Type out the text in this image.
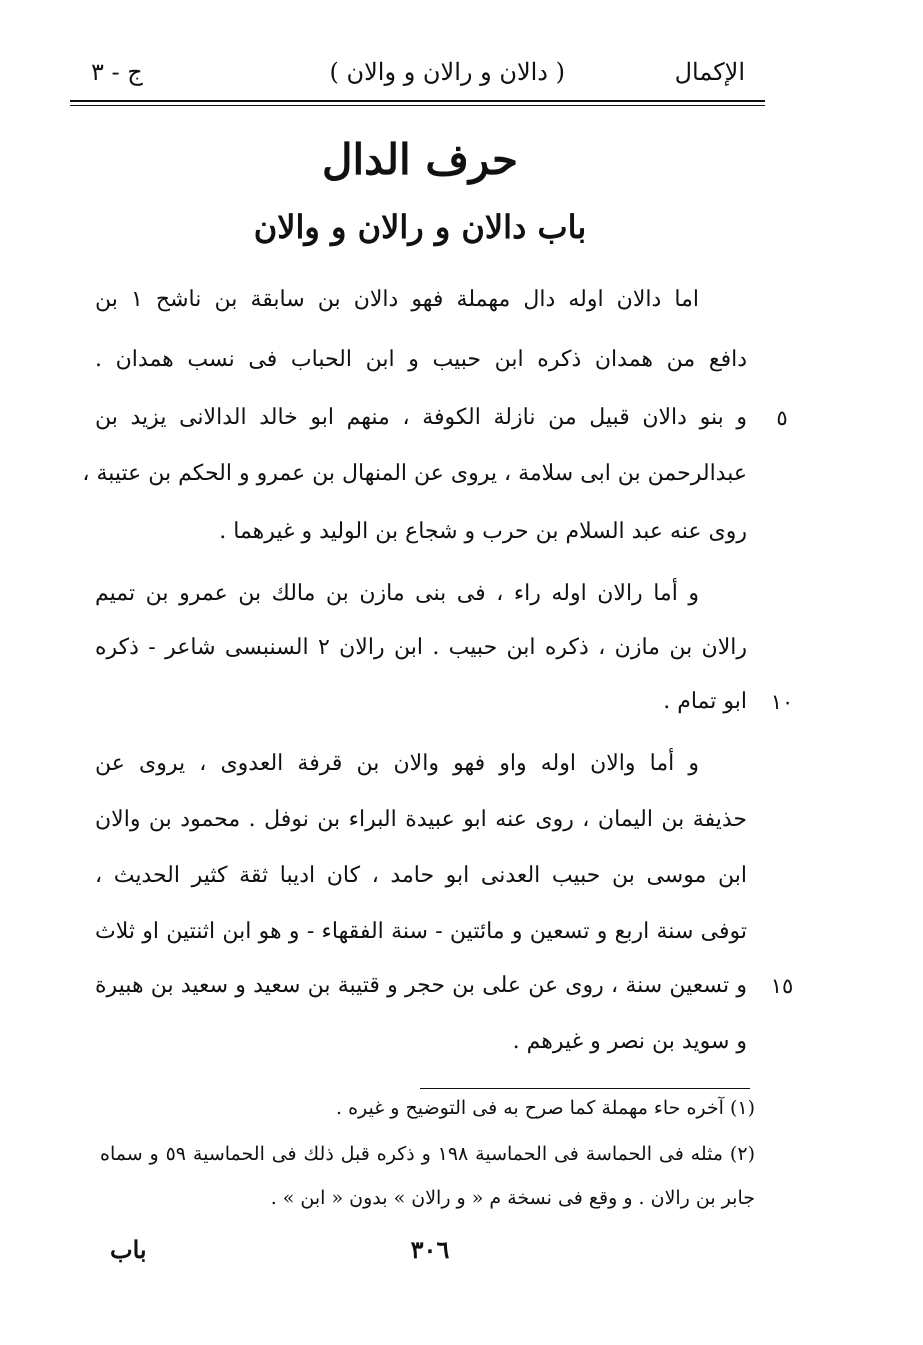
الإكمال
( دالان و رالان و والان )
ج - ٣
حرف الدال
باب دالان و رالان و والان
اما دالان اوله دال مهملة فهو دالان بن سابقة بن ناشح ١ بن
دافع من همدان ذكره ابن حبيب و ابن الحباب فى نسب همدان .
و بنو دالان قبيل من نازلة الكوفة ، منهم ابو خالد الدالانى يزيد بن	٥
عبدالرحمن بن ابى سلامة ، يروى عن المنهال بن عمرو و الحكم بن عتيبة ،
روى عنه عبد السلام بن حرب و شجاع بن الوليد و غيرهما .
و أما رالان اوله راء ، فى بنى مازن بن مالك بن عمرو بن تميم
رالان بن مازن ، ذكره ابن حبيب . ابن رالان ٢ السنبسى شاعر - ذكره
ابو تمام .	١٠
و أما والان اوله واو فهو والان بن قرفة العدوى ، يروى عن
حذيفة بن اليمان ، روى عنه ابو عبيدة البراء بن نوفل . محمود بن والان
ابن موسى بن حبيب العدنى ابو حامد ، كان اديبا ثقة كثير الحديث ،
توفى سنة اربع و تسعين و مائتين - سنة الفقهاء - و هو ابن اثنتين او ثلاث
و تسعين سنة ، روى عن على بن حجر و قتيبة بن سعيد و سعيد بن هبيرة	١٥
و سويد بن نصر و غيرهم .
(١) آخره حاء مهملة كما صرح به فى التوضيح و غيره .
(٢) مثله فى الحماسة فى الحماسية ١٩٨ و ذكره قبل ذلك فى الحماسية ٥٩ و سماه
جابر بن رالان . و وقع فى نسخة م « و رالان » بدون « ابن » .
٣٠٦
باب
